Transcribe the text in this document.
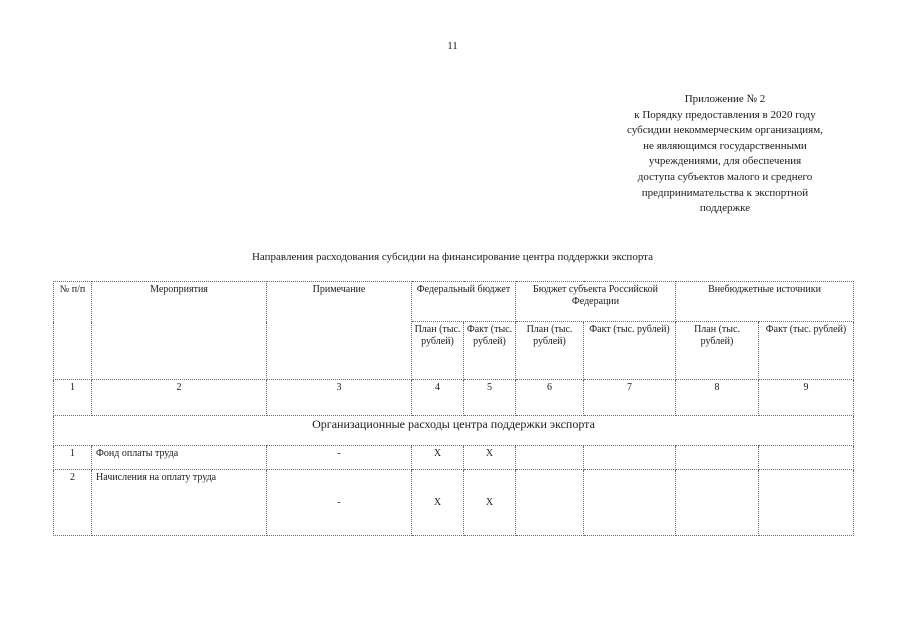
11
Приложение № 2
к Порядку предоставления в 2020 году
субсидии некоммерческим организациям,
не являющимся государственными
учреждениями, для обеспечения
доступа субъектов малого и среднего
предпринимательства к экспортной
поддержке
Направления расходования субсидии на финансирование центра поддержки экспорта
№ п/п	Мероприятия	Примечание	Федеральный бюджет		Бюджет субъекта Российской Федерации		Внебюджетные источники	
			План (тыс. рублей)	Факт (тыс. рублей)	План (тыс. рублей)	Факт (тыс. рублей)	План (тыс. рублей)	Факт (тыс. рублей)
1	2	3	4	5	6	7	8	9
Организационные расходы центра поддержки экспорта								
1	Фонд оплаты труда	-	X	X				
2	Начисления на оплату труда	-	X	X				
